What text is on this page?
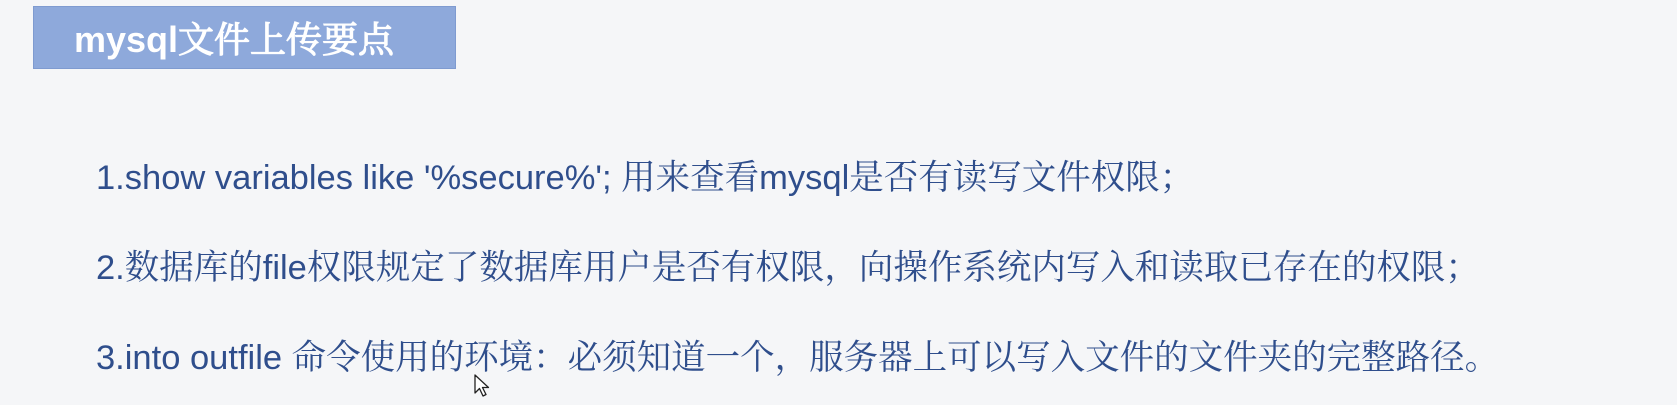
mysql文件上传要点
1.show variables like '%secure%'; 用来查看mysql是否有读写文件权限；
2.数据库的file权限规定了数据库用户是否有权限，向操作系统内写入和读取已存在的权限；
3.into outfile 命令使用的环境：必须知道一个，服务器上可以写入文件的文件夹的完整路径。
